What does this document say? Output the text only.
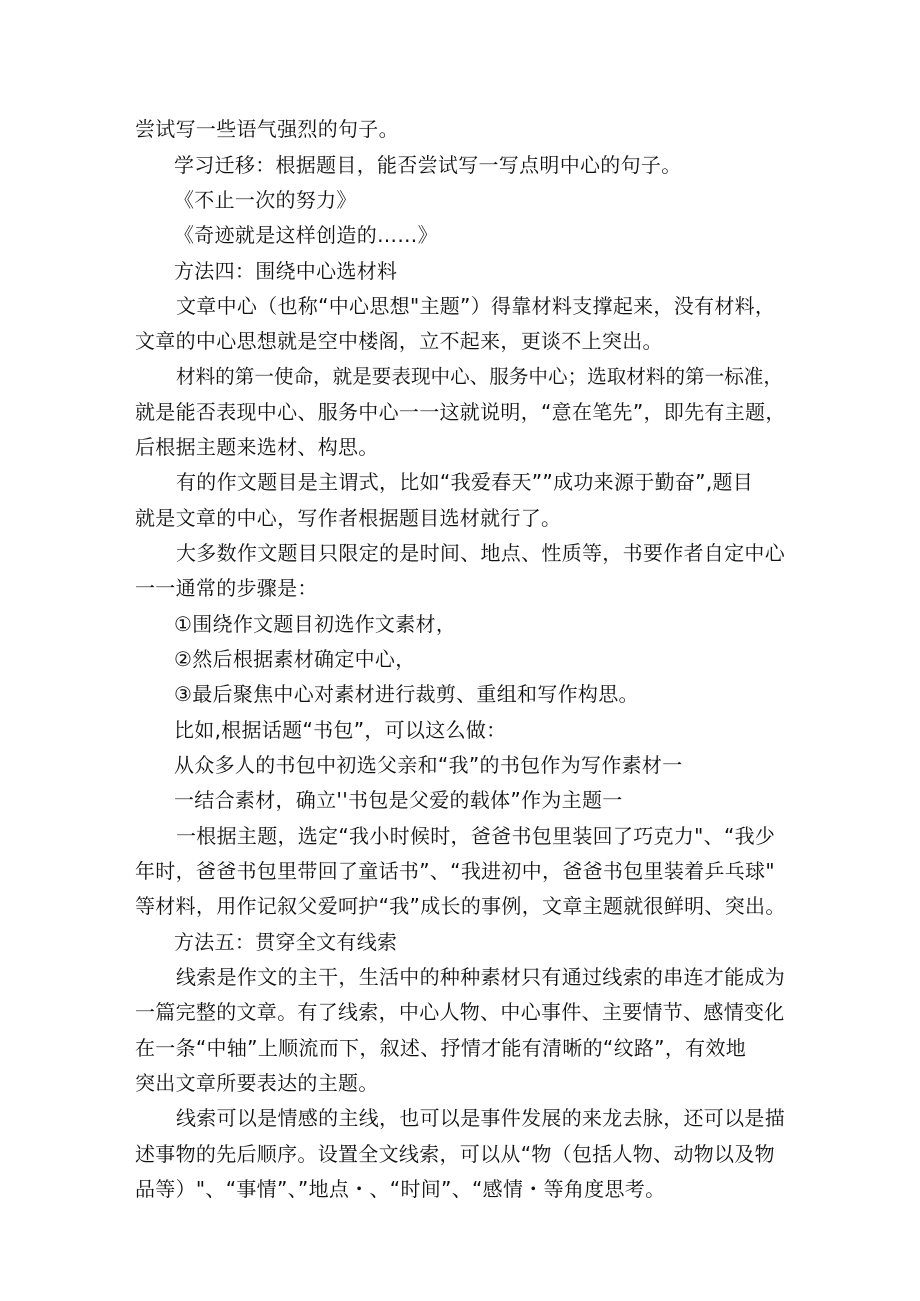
尝试写一些语气强烈的句子。
学习迁移：根据题目，能否尝试写一写点明中心的句子。
《不止一次的努力》
《奇迹就是这样创造的……》
方法四：围绕中心选材料
文章中心（也称“中心思想"主题”）得靠材料支撑起来，没有材料，
文章的中心思想就是空中楼阁，立不起来，更谈不上突出。
材料的第一使命，就是要表现中心、服务中心；选取材料的第一标准，
就是能否表现中心、服务中心一一这就说明，“意在笔先”，即先有主题，
后根据主题来选材、构思。
有的作文题目是主谓式，比如“我爱春天””成功来源于勤奋”,题目
就是文章的中心，写作者根据题目选材就行了。
大多数作文题目只限定的是时间、地点、性质等，书要作者自定中心
一一通常的步骤是：
①围绕作文题目初选作文素材，
②然后根据素材确定中心，
③最后聚焦中心对素材进行裁剪、重组和写作构思。
比如,根据话题“书包”，可以这么做：
从众多人的书包中初选父亲和“我”的书包作为写作素材一
一结合素材，确立''书包是父爱的载体”作为主题一
一根据主题，选定“我小时候时，爸爸书包里装回了巧克力"、“我少
年时，爸爸书包里带回了童话书”、“我进初中，爸爸书包里装着乒乓球"
等材料，用作记叙父爱呵护“我”成长的事例，文章主题就很鲜明、突出。
方法五：贯穿全文有线索
线索是作文的主干，生活中的种种素材只有通过线索的串连才能成为
一篇完整的文章。有了线索，中心人物、中心事件、主要情节、感情变化
在一条“中轴”上顺流而下，叙述、抒情才能有清晰的“纹路”，有效地
突出文章所要表达的主题。
线索可以是情感的主线，也可以是事件发展的来龙去脉，还可以是描
述事物的先后顺序。设置全文线索，可以从“物（包括人物、动物以及物
品等）"、“事情”、”地点・、“时间”、“感情・等角度思考。
